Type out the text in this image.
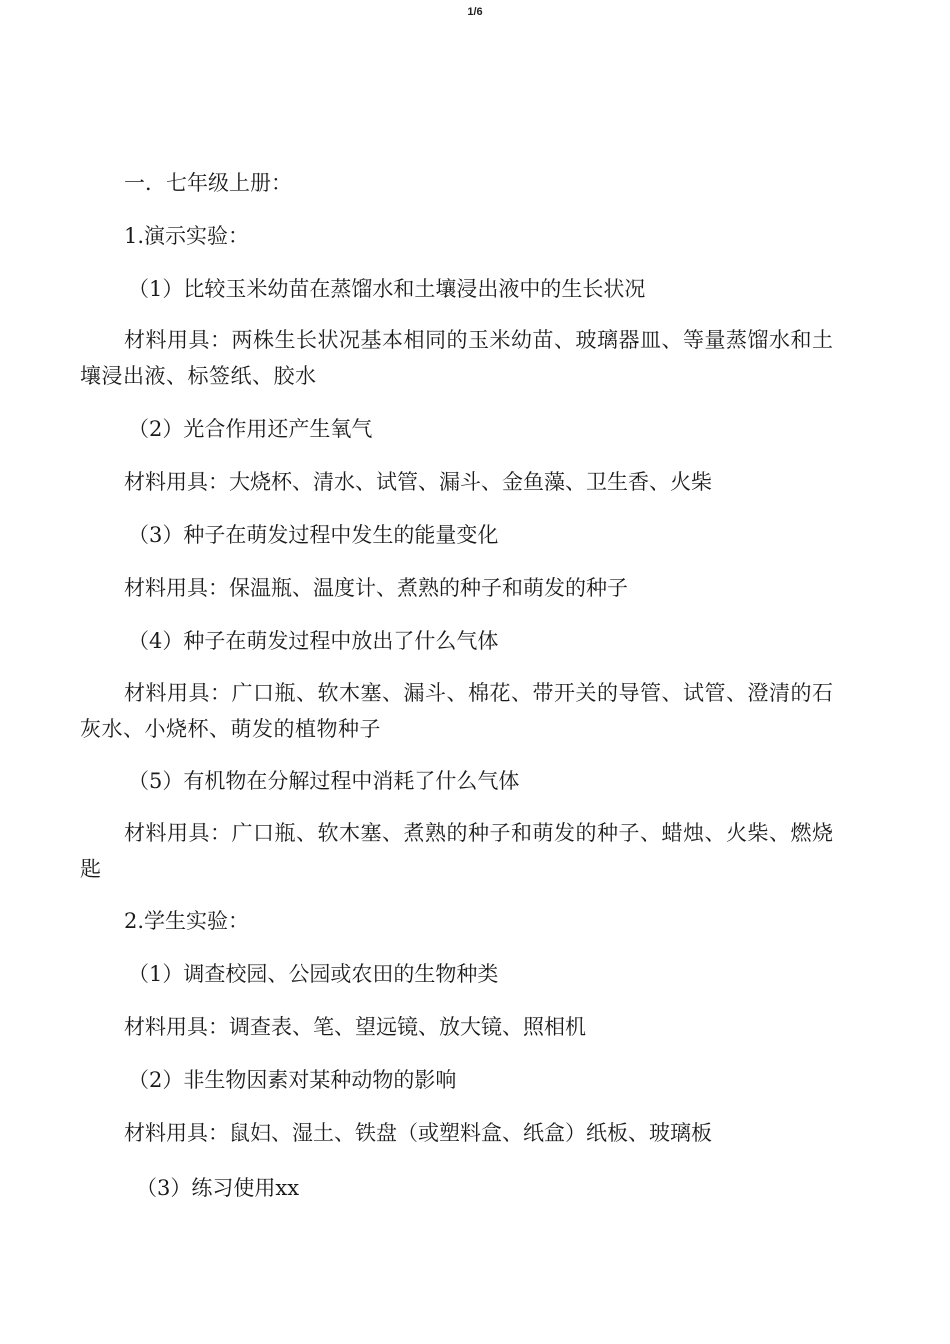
1/6
一．七年级上册：
1.演示实验：
（1）比较玉米幼苗在蒸馏水和土壤浸出液中的生长状况
材料用具：两株生长状况基本相同的玉米幼苗、玻璃器皿、等量蒸馏水和土壤浸出液、标签纸、胶水
（2）光合作用还产生氧气
材料用具：大烧杯、清水、试管、漏斗、金鱼藻、卫生香、火柴
（3）种子在萌发过程中发生的能量变化
材料用具：保温瓶、温度计、煮熟的种子和萌发的种子
（4）种子在萌发过程中放出了什么气体
材料用具：广口瓶、软木塞、漏斗、棉花、带开关的导管、试管、澄清的石灰水、小烧杯、萌发的植物种子
（5）有机物在分解过程中消耗了什么气体
材料用具：广口瓶、软木塞、煮熟的种子和萌发的种子、蜡烛、火柴、燃烧匙
2.学生实验：
（1）调查校园、公园或农田的生物种类
材料用具：调查表、笔、望远镜、放大镜、照相机
（2）非生物因素对某种动物的影响
材料用具：鼠妇、湿土、铁盘（或塑料盒、纸盒）纸板、玻璃板
（3）练习使用xx
